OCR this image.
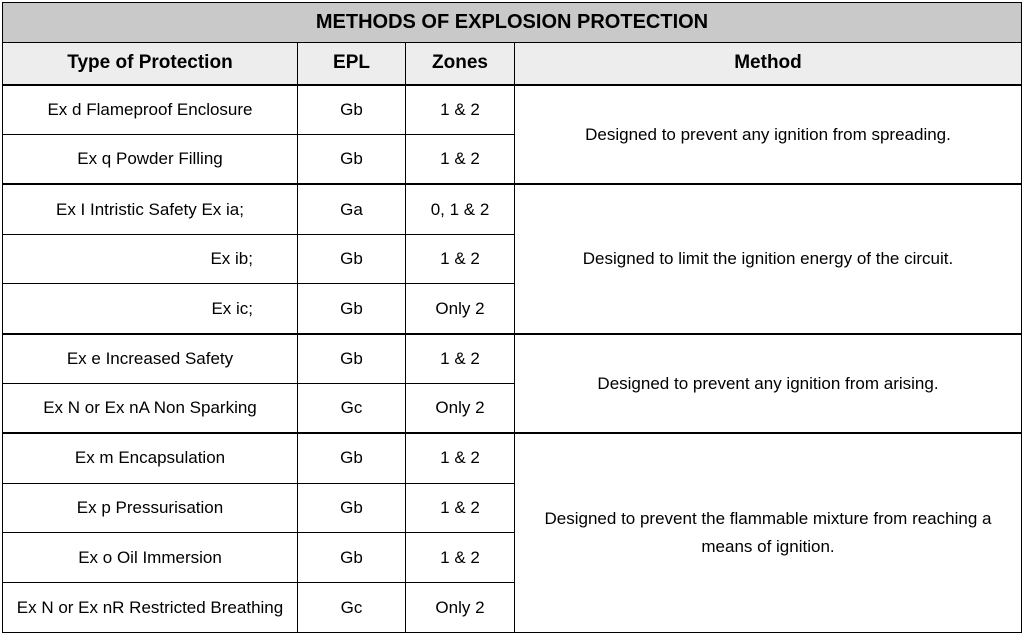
METHODS OF EXPLOSION PROTECTION			
Type of Protection	EPL	Zones	Method
Ex d Flameproof Enclosure	Gb	1 & 2	Designed to prevent any ignition from spreading.
Ex q Powder Filling	Gb	1 & 2	
Ex I Intristic Safety Ex ia;	Ga	0, 1 & 2	Designed to limit the ignition energy of the circuit.
Ex ib;	Gb	1 & 2	
Ex ic;	Gb	Only 2	
Ex e Increased Safety	Gb	1 & 2	Designed to prevent any ignition from arising.
Ex N or Ex nA Non Sparking	Gc	Only 2	
Ex m Encapsulation	Gb	1 & 2	Designed to prevent the flammable mixture from reaching a means of ignition.
Ex p Pressurisation	Gb	1 & 2	
Ex o Oil Immersion	Gb	1 & 2	
Ex N or Ex nR Restricted Breathing	Gc	Only 2	
